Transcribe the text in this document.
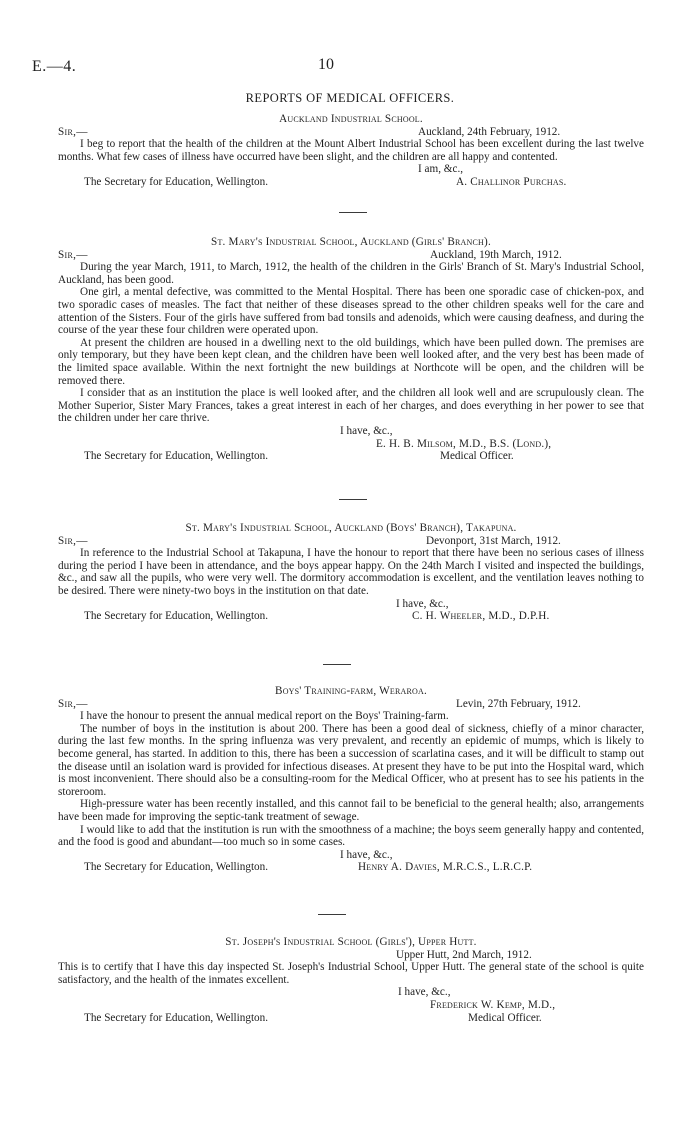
E.—4.	10
REPORTS OF MEDICAL OFFICERS.
Auckland Industrial School.
Sir,—	Auckland, 24th February, 1912.

I beg to report that the health of the children at the Mount Albert Industrial School has been excellent during the last twelve months. What few cases of illness have occurred have been slight, and the children are all happy and contented.

I am, &c.,
The Secretary for Education, Wellington.	A. Challinor Purchas.
St. Mary's Industrial School, Auckland (Girls' Branch).
Sir,—	Auckland, 19th March, 1912.

During the year March, 1911, to March, 1912, the health of the children in the Girls' Branch of St. Mary's Industrial School, Auckland, has been good.

One girl, a mental defective, was committed to the Mental Hospital. There has been one sporadic case of chicken-pox, and two sporadic cases of measles. The fact that neither of these diseases spread to the other children speaks well for the care and attention of the Sisters. Four of the girls have suffered from bad tonsils and adenoids, which were causing deafness, and during the course of the year these four children were operated upon.

At present the children are housed in a dwelling next to the old buildings, which have been pulled down. The premises are only temporary, but they have been kept clean, and the children have been well looked after, and the very best has been made of the limited space available. Within the next fortnight the new buildings at Northcote will be open, and the children will be removed there.

I consider that as an institution the place is well looked after, and the children all look well and are scrupulously clean. The Mother Superior, Sister Mary Frances, takes a great interest in each of her charges, and does everything in her power to see that the children under her care thrive.

I have, &c.,
E. H. B. Milsom, M.D., B.S. (Lond.),
The Secretary for Education, Wellington.	Medical Officer.
St. Mary's Industrial School, Auckland (Boys' Branch), Takapuna.
Sir,—	Devonport, 31st March, 1912.

In reference to the Industrial School at Takapuna, I have the honour to report that there have been no serious cases of illness during the period I have been in attendance, and the boys appear happy. On the 24th March I visited and inspected the buildings, &c., and saw all the pupils, who were very well. The dormitory accommodation is excellent, and the ventilation leaves nothing to be desired. There were ninety-two boys in the institution on that date.

I have, &c.,
The Secretary for Education, Wellington.	C. H. Wheeler, M.D., D.P.H.
Boys' Training-farm, Weraroa.
Sir,—	Levin, 27th February, 1912.

I have the honour to present the annual medical report on the Boys' Training-farm.

The number of boys in the institution is about 200. There has been a good deal of sickness, chiefly of a minor character, during the last few months. In the spring influenza was very prevalent, and recently an epidemic of mumps, which is likely to become general, has started. In addition to this, there has been a succession of scarlatina cases, and it will be difficult to stamp out the disease until an isolation ward is provided for infectious diseases. At present they have to be put into the Hospital ward, which is most inconvenient. There should also be a consulting-room for the Medical Officer, who at present has to see his patients in the storeroom.

High-pressure water has been recently installed, and this cannot fail to be beneficial to the general health; also, arrangements have been made for improving the septic-tank treatment of sewage.

I would like to add that the institution is run with the smoothness of a machine; the boys seem generally happy and contented, and the food is good and abundant—too much so in some cases.

I have, &c.,
The Secretary for Education, Wellington.	Henry A. Davies, M.R.C.S., L.R.C.P.
St. Joseph's Industrial School (Girls'), Upper Hutt.
Upper Hutt, 2nd March, 1912.

This is to certify that I have this day inspected St. Joseph's Industrial School, Upper Hutt. The general state of the school is quite satisfactory, and the health of the inmates excellent.

I have, &c.,
Frederick W. Kemp, M.D.,
The Secretary for Education, Wellington.	Medical Officer.
